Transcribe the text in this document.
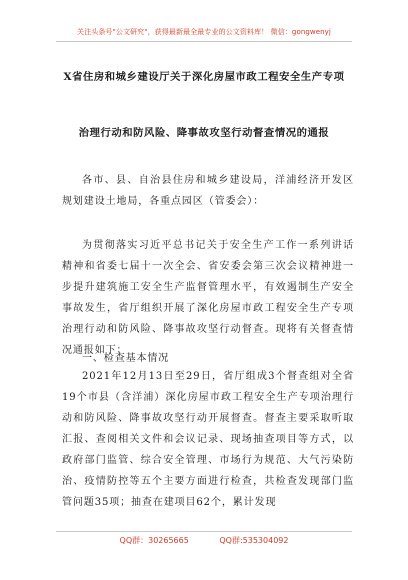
关注头条号"公文研究"，获得最新最全最专业的公文资料库！ 微信：gongwenyj
X省住房和城乡建设厅关于深化房屋市政工程安全生产专项
治理行动和防风险、降事故攻坚行动督查情况的通报
各市、县、自治县住房和城乡建设局，洋浦经济开发区规划建设土地局，各重点园区（管委会）：
为贯彻落实习近平总书记关于安全生产工作一系列讲话精神和省委七届十一次全会、省安委会第三次会议精神进一步提升建筑施工安全生产监督管理水平，有效遏制生产安全事故发生，省厅组织开展了深化房屋市政工程安全生产专项治理行动和防风险、降事故攻坚行动督查。现将有关督查情况通报如下：
一、检查基本情况
2021年12月13日至29日，省厅组成3个督查组对全省19个市县（含洋浦）深化房屋市政工程安全生产专项治理行动和防风险、降事故攻坚行动开展督查。督查主要采取听取汇报、查阅相关文件和会议记录、现场抽查项目等方式，以政府部门监管、综合安全管理、市场行为规范、大气污染防治、疫情防控等五个主要方面进行检查，共检查发现部门监管问题35项；抽查在建项目62个，累计发现
QQ群：30265665	QQ群:535304092
